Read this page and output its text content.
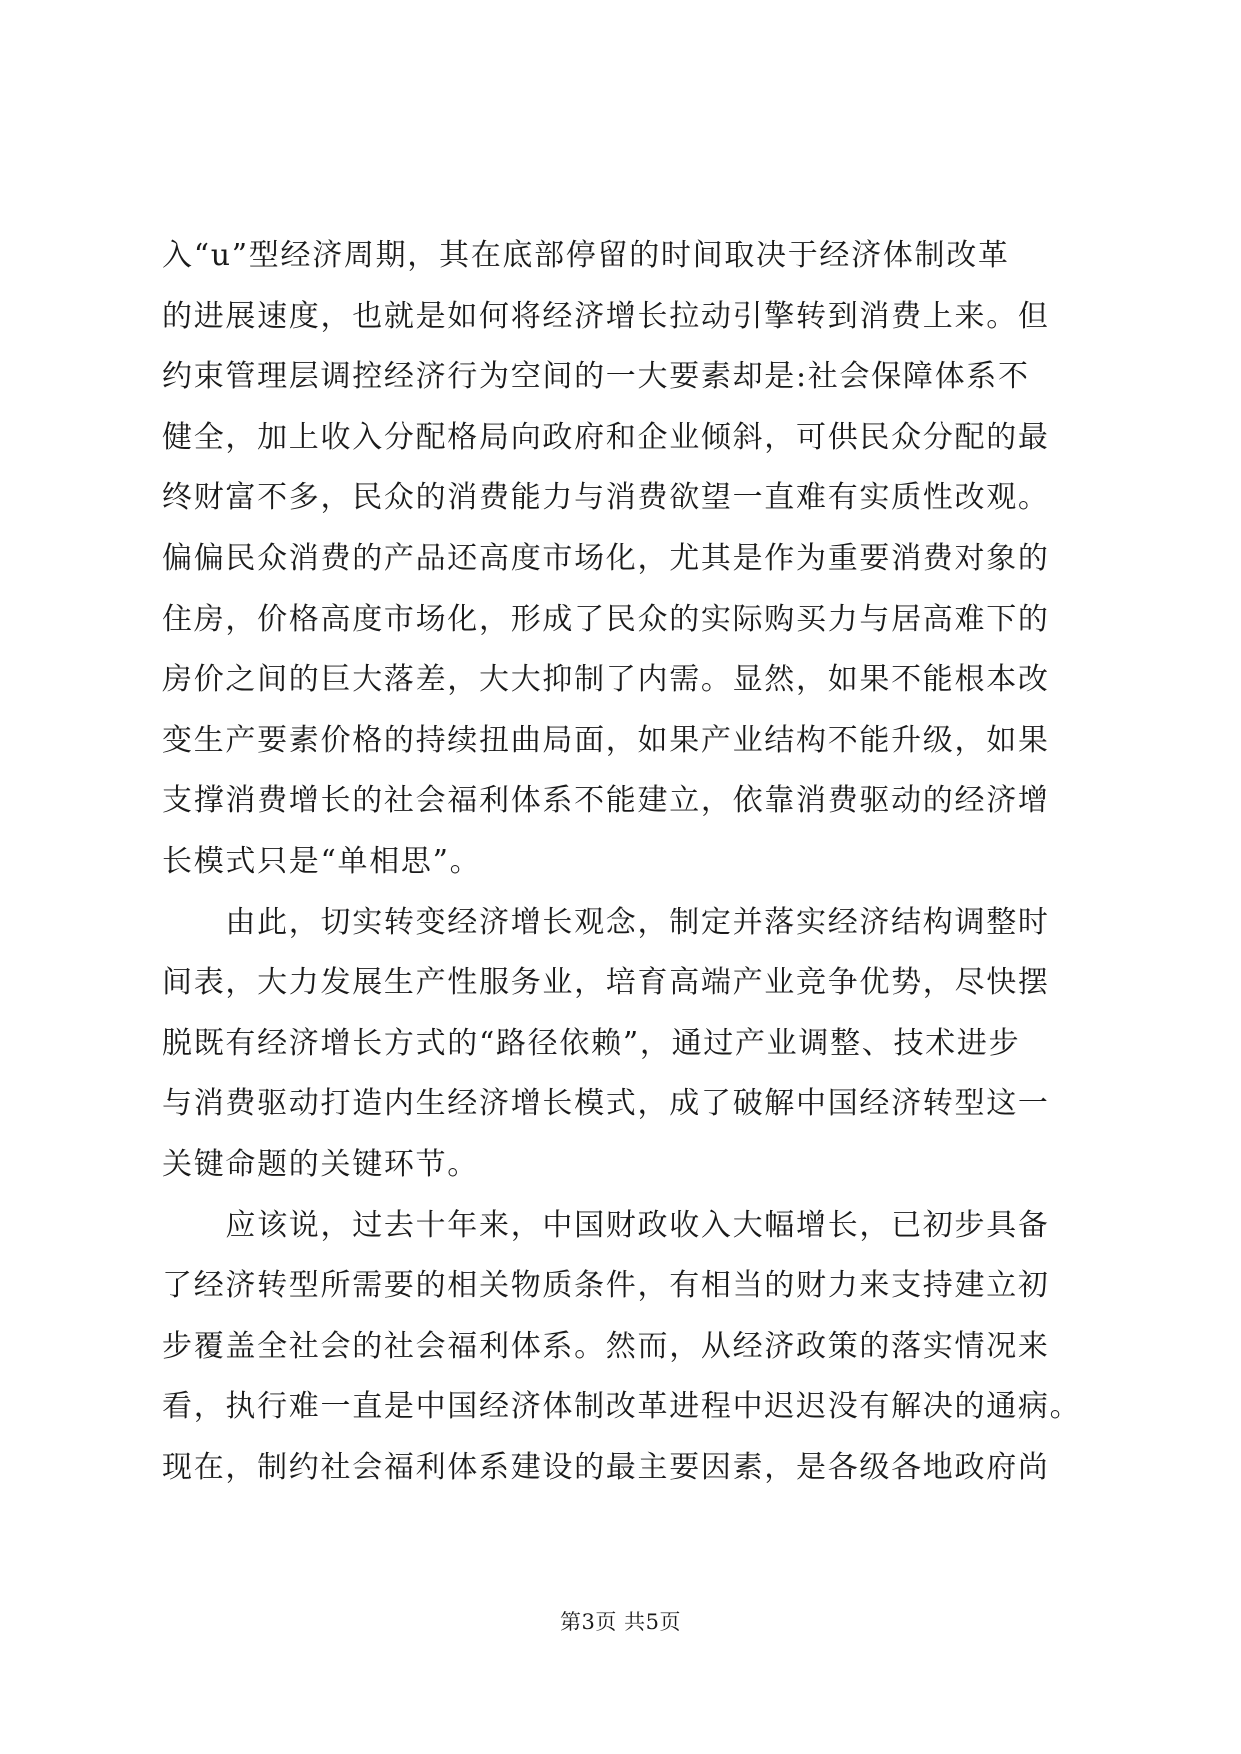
入“u”型经济周期，其在底部停留的时间取决于经济体制改革
的进展速度，也就是如何将经济增长拉动引擎转到消费上来。但
约束管理层调控经济行为空间的一大要素却是:社会保障体系不
健全，加上收入分配格局向政府和企业倾斜，可供民众分配的最
终财富不多，民众的消费能力与消费欲望一直难有实质性改观。
偏偏民众消费的产品还高度市场化，尤其是作为重要消费对象的
住房，价格高度市场化，形成了民众的实际购买力与居高难下的
房价之间的巨大落差，大大抑制了内需。显然，如果不能根本改
变生产要素价格的持续扭曲局面，如果产业结构不能升级，如果
支撑消费增长的社会福利体系不能建立，依靠消费驱动的经济增
长模式只是“单相思”。
　　由此，切实转变经济增长观念，制定并落实经济结构调整时
间表，大力发展生产性服务业，培育高端产业竞争优势，尽快摆
脱既有经济增长方式的“路径依赖”，通过产业调整、技术进步
与消费驱动打造内生经济增长模式，成了破解中国经济转型这一
关键命题的关键环节。
　　应该说，过去十年来，中国财政收入大幅增长，已初步具备
了经济转型所需要的相关物质条件，有相当的财力来支持建立初
步覆盖全社会的社会福利体系。然而，从经济政策的落实情况来
看，执行难一直是中国经济体制改革进程中迟迟没有解决的通病。
现在，制约社会福利体系建设的最主要因素，是各级各地政府尚
第3页 共5页
